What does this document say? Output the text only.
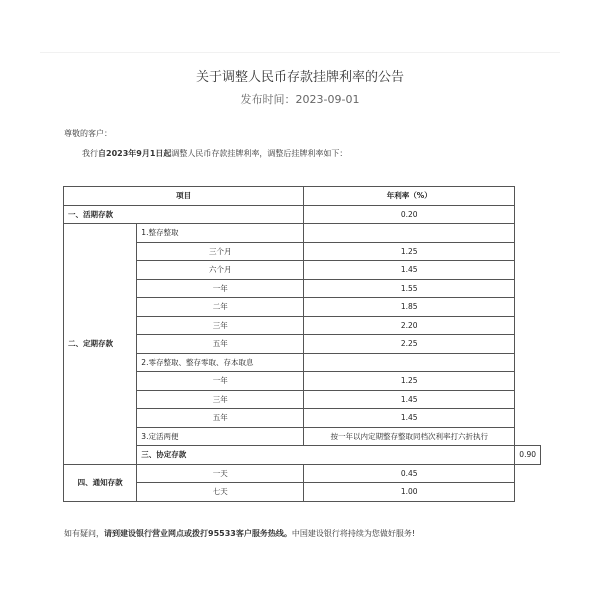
关于调整人民币存款挂牌利率的公告
发布时间：2023-09-01
尊敬的客户：
我行自2023年9月1日起调整人民币存款挂牌利率，调整后挂牌利率如下：
项目		年利率（%）	
一、活期存款		0.20	
二、定期存款	1.整存整取		
	三个月	1.25	
	六个月	1.45	
	一年	1.55	
	二年	1.85	
	三年	2.20	
	五年	2.25	
	2.零存整取、整存零取、存本取息		
	一年	1.25	
	三年	1.45	
	五年	1.45	
	3.定活两便	按一年以内定期整存整取同档次利率打六折执行	
	三、协定存款		0.90
四、通知存款	一天	0.45	
	七天	1.00	
如有疑问，请到建设银行营业网点或拨打95533客户服务热线。中国建设银行将持续为您做好服务!
